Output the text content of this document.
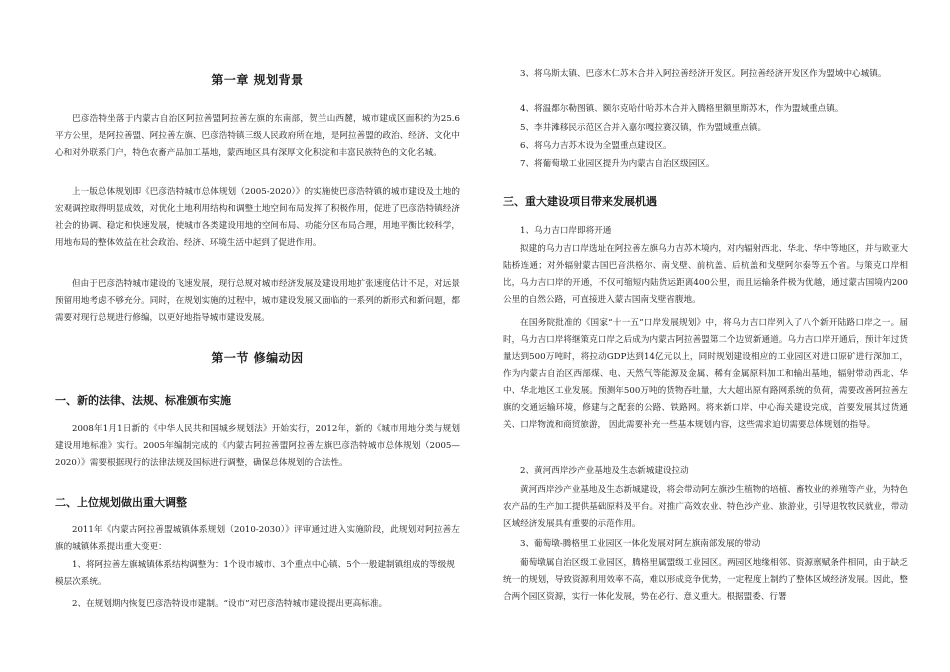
第一章 规划背景

巴彦浩特坐落于内蒙古自治区阿拉善盟阿拉善左旗的东南部，贺兰山西麓，城市建成区面积约为25.6平方公里，是阿拉善盟、阿拉善左旗、巴彦浩特镇三级人民政府所在地，是阿拉善盟的政治、经济、文化中心和对外联系门户，特色农畜产品加工基地，蒙西地区具有深厚文化积淀和丰富民族特色的文化名城。

上一版总体规划即《巴彦浩特城市总体规划（2005-2020）》的实施使巴彦浩特镇的城市建设及土地的宏观调控取得明显成效，对优化土地利用结构和调整土地空间布局发挥了积极作用，促进了巴彦浩特镇经济社会的协调、稳定和快速发展，使城市各类建设用地的空间布局、功能分区布局合理，用地平衡比较科学，用地布局的整体效益在社会政治、经济、环境生活中起到了促进作用。

但由于巴彦浩特城市建设的飞速发展，现行总规对城市经济发展及建设用地扩张速度估计不足，对远景预留用地考虑不够充分。同时，在规划实施的过程中，城市建设发展又面临的一系列的新形式和新问题，都需要对现行总规进行修编，以更好地指导城市建设发展。

第一节 修编动因
一、新的法律、法规、标准颁布实施

2008年1月1日新的《中华人民共和国城乡规划法》开始实行，2012年，新的《城市用地分类与规划建设用地标准》实行。2005年编制完成的《内蒙古阿拉善盟阿拉善左旗巴彦浩特城市总体规划（2005—2020）》需要根据现行的法律法规及国标进行调整，确保总体规划的合法性。

二、上位规划做出重大调整

2011年《内蒙古阿拉善盟城镇体系规划（2010-2030）》评审通过进入实施阶段，此规划对阿拉善左旗的城镇体系提出重大变更：

1、将阿拉善左旗城镇体系结构调整为：1个设市城市、3个重点中心镇、5个一般建制镇组成的等级规模层次系统。

2、在规划期内恢复巴彦浩特设市建制。“设市”对巴彦浩特城市建设提出更高标准。

3、将乌斯太镇、巴彦木仁苏木合并入阿拉善经济开发区。阿拉善经济开发区作为盟域中心城镇。

4、将温都尔勒图镇、额尔克哈什哈苏木合并入腾格里额里斯苏木，作为盟域重点镇。

5、李井滩移民示范区合并入嘉尔嘎拉赛汉镇，作为盟域重点镇。

6、将乌力吉苏木设为全盟重点建设区。

7、将葡萄墩工业园区提升为内蒙古自治区级园区。

三、重大建设项目带来发展机遇

1、乌力吉口岸即将开通

拟建的乌力吉口岸选址在阿拉善左旗乌力吉苏木境内，对内辐射西北、华北、华中等地区，并与欧亚大陆桥连通；对外辐射蒙古国巴音洪格尔、南戈壁、前杭盖、后杭盖和戈壁阿尔泰等五个省。与策克口岸相比，乌力吉口岸的开通，不仅可缩短内陆货运距离400公里，而且运输条件极为优越，通过蒙古国境内200公里的自然公路，可直接进入蒙古国南戈壁省腹地。

在国务院批准的《国家“十一五”口岸发展规划》中，将乌力吉口岸列入了八个新开陆路口岸之一。届时，乌力吉口岸将继策克口岸之后成为内蒙古阿拉善盟第二个边贸新通道。乌力吉口岸开通后，预计年过货量达到500万吨时，将拉动GDP达到14亿元以上，同时规划建设相应的工业园区对进口原矿进行深加工，作为内蒙古自治区西部煤、电、天然气等能源及金属、稀有金属原料加工和输出基地，辐射带动西北、华中、华北地区工业发展。预测年500万吨的货物吞吐量，大大超出原有路网系统的负荷，需要改善阿拉善左旗的交通运输环境，修建与之配套的公路、铁路网。将来新口岸、中心海关建设完成，首要发展其过货通关、口岸物流和商贸旅游， 因此需要补充一些基本规划内容，这些需求迫切需要总体规划的指导。

2、黄河西岸沙产业基地及生态新城建设拉动

黄河西岸沙产业基地及生态新城建设，将会带动阿左旗沙生植物的培植、畜牧业的养殖等产业，为特色农产品的生产加工提供基础原料及平台。对推广高效农业、特色沙产业、旅游业，引导退牧牧民就业，带动区域经济发展具有重要的示范作用。

3、葡萄墩-腾格里工业园区一体化发展对阿左旗南部发展的带动

葡萄墩属自治区级工业园区，腾格里属盟级工业园区。两园区地缘相邻、资源禀赋条件相同，由于缺乏统一的规划，导致资源利用效率不高，难以形成竞争优势，一定程度上制约了整体区域经济发展。因此，整合两个园区资源，实行一体化发展，势在必行、意义重大。根据盟委、行署
